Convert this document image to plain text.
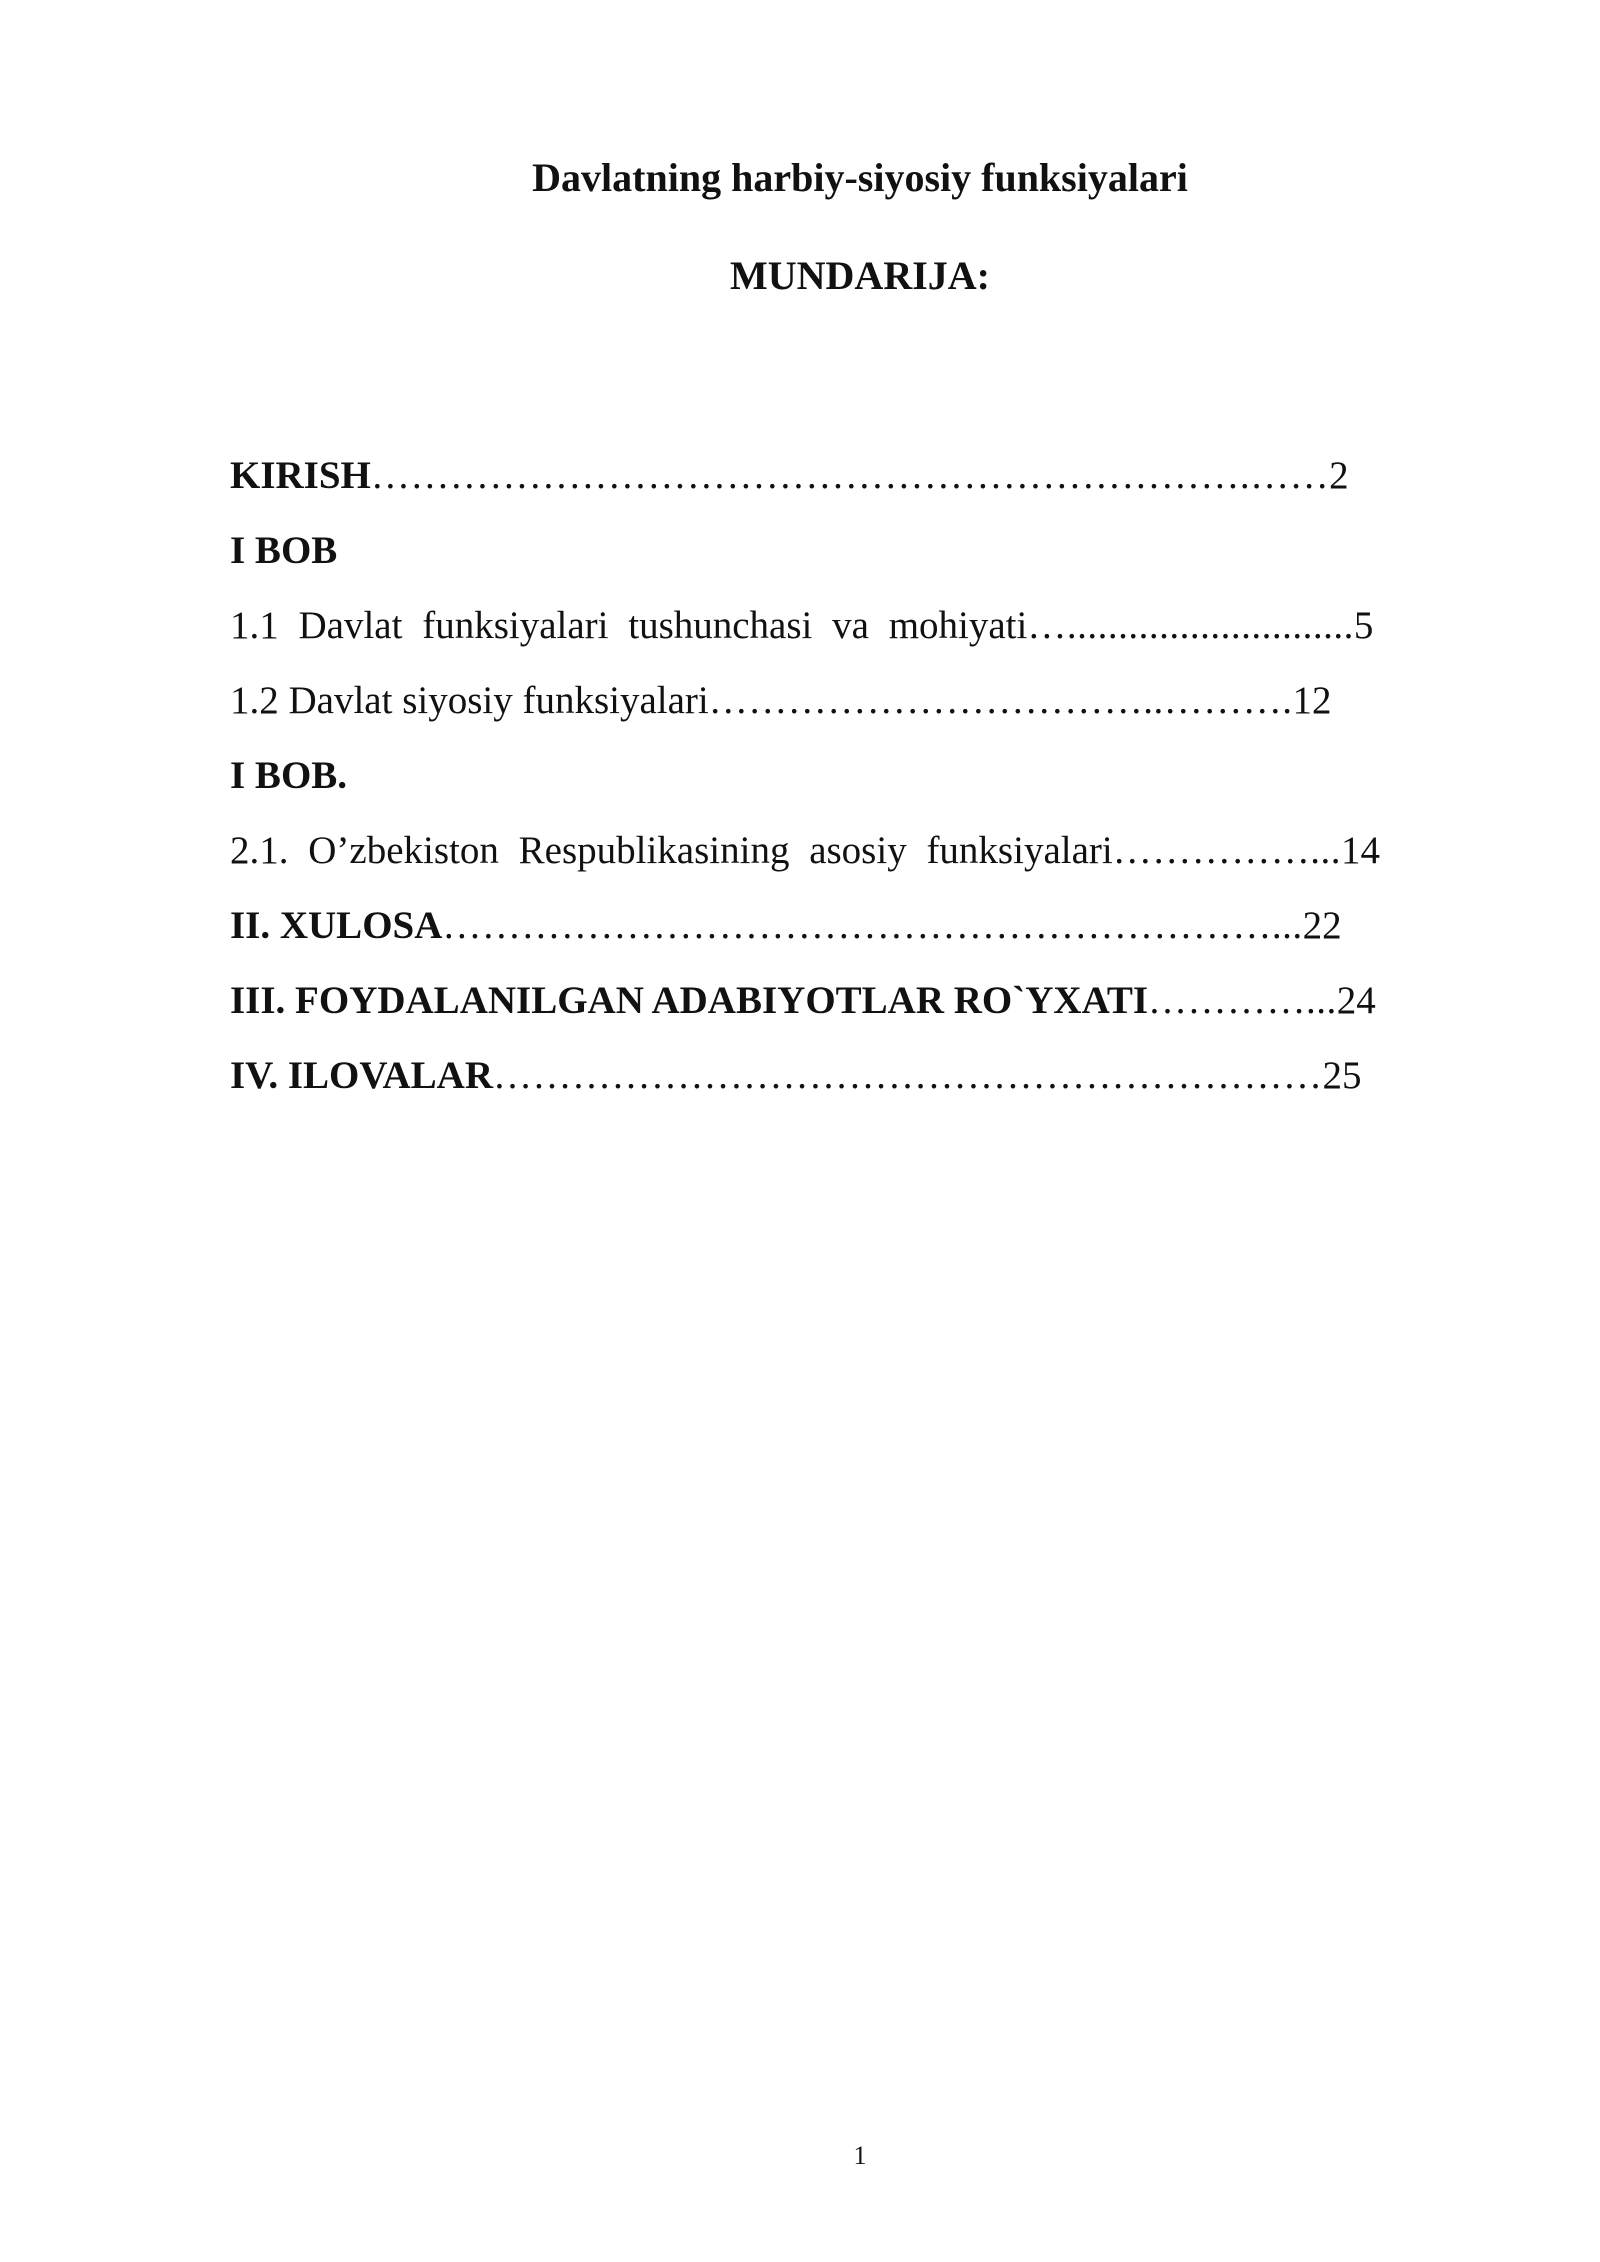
Davlatning harbiy-siyosiy funksiyalari
MUNDARIJA:
KIRISH………………………………………………………….……2
I BOB
1.1 Davlat funksiyalari tushunchasi va mohiyati…............................5
1.2 Davlat siyosiy funksiyalari……………………………..……….12
I BOB.
2.1. O’zbekiston Respublikasining asosiy funksiyalari……………...14
II. XULOSA………………………………………………………...22
III. FOYDALANILGAN ADABIYOTLAR RO`YXATI…………...24
IV. ILOVALAR………………………………………………………25
1
